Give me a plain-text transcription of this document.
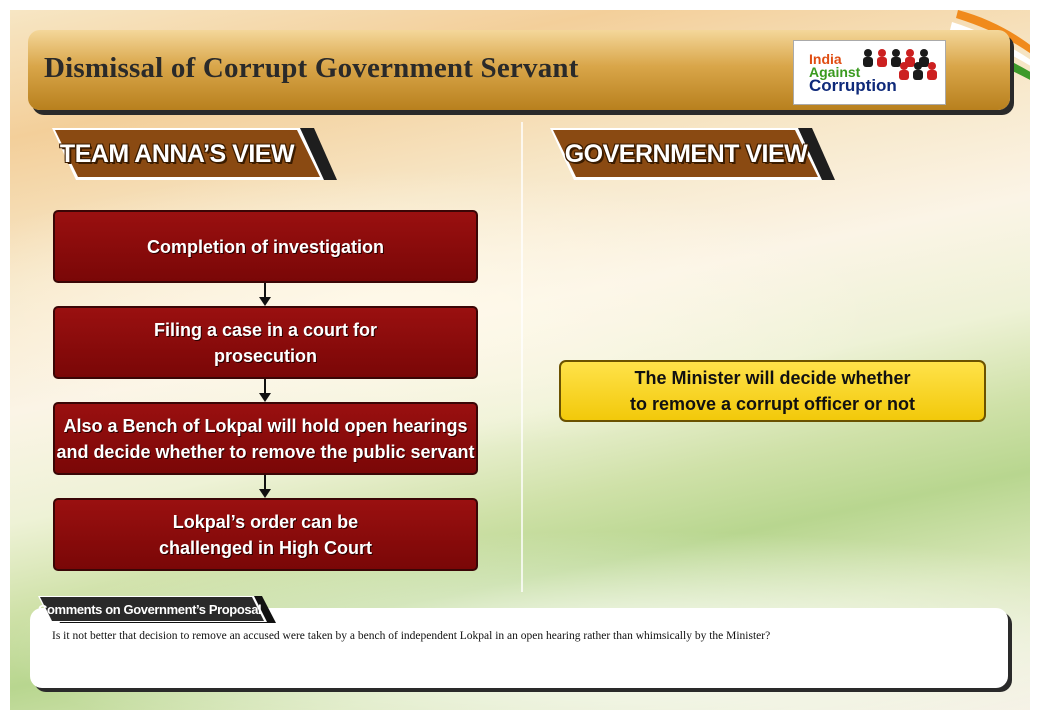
Dismissal of Corrupt Government Servant	India
Against
Corruption
TEAM ANNA’S VIEW	GOVERNMENT VIEW
Completion of investigation
Filing a case in a court for
prosecution
Also a Bench of Lokpal will hold open hearings
and decide whether to remove the public servant
Lokpal’s order can be
challenged in High Court
The Minister will decide whether
to remove a corrupt officer or not
Is it not better that decision to remove an accused were taken by a bench of independent Lokpal in an open hearing rather than whimsically by the Minister?
Comments on Government’s Proposal
